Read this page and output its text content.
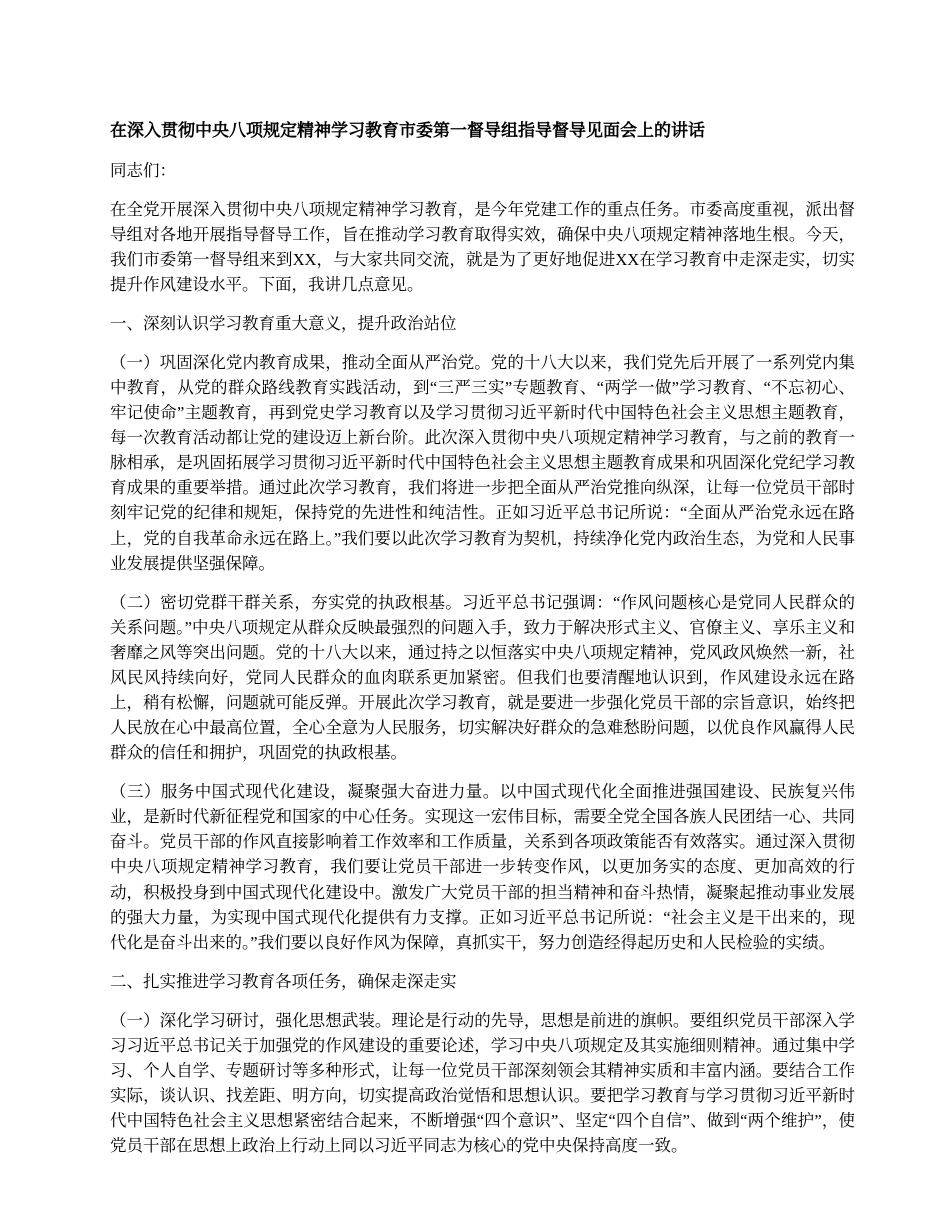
在深入贯彻中央八项规定精神学习教育市委第一督导组指导督导见面会上的讲话

同志们：

在全党开展深入贯彻中央八项规定精神学习教育，是今年党建工作的重点任务。市委高度重视，派出督导组对各地开展指导督导工作，旨在推动学习教育取得实效，确保中央八项规定精神落地生根。今天，我们市委第一督导组来到XX，与大家共同交流，就是为了更好地促进XX在学习教育中走深走实，切实提升作风建设水平。下面，我讲几点意见。

一、深刻认识学习教育重大意义，提升政治站位

（一）巩固深化党内教育成果，推动全面从严治党。党的十八大以来，我们党先后开展了一系列党内集中教育，从党的群众路线教育实践活动，到“三严三实”专题教育、“两学一做”学习教育、“不忘初心、牢记使命”主题教育，再到党史学习教育以及学习贯彻习近平新时代中国特色社会主义思想主题教育，每一次教育活动都让党的建设迈上新台阶。此次深入贯彻中央八项规定精神学习教育，与之前的教育一脉相承，是巩固拓展学习贯彻习近平新时代中国特色社会主义思想主题教育成果和巩固深化党纪学习教育成果的重要举措。通过此次学习教育，我们将进一步把全面从严治党推向纵深，让每一位党员干部时刻牢记党的纪律和规矩，保持党的先进性和纯洁性。正如习近平总书记所说：“全面从严治党永远在路上，党的自我革命永远在路上。”我们要以此次学习教育为契机，持续净化党内政治生态，为党和人民事业发展提供坚强保障。

（二）密切党群干群关系，夯实党的执政根基。习近平总书记强调：“作风问题核心是党同人民群众的关系问题。”中央八项规定从群众反映最强烈的问题入手，致力于解决形式主义、官僚主义、享乐主义和奢靡之风等突出问题。党的十八大以来，通过持之以恒落实中央八项规定精神，党风政风焕然一新，社风民风持续向好，党同人民群众的血肉联系更加紧密。但我们也要清醒地认识到，作风建设永远在路上，稍有松懈，问题就可能反弹。开展此次学习教育，就是要进一步强化党员干部的宗旨意识，始终把人民放在心中最高位置，全心全意为人民服务，切实解决好群众的急难愁盼问题，以优良作风赢得人民群众的信任和拥护，巩固党的执政根基。

（三）服务中国式现代化建设，凝聚强大奋进力量。以中国式现代化全面推进强国建设、民族复兴伟业，是新时代新征程党和国家的中心任务。实现这一宏伟目标，需要全党全国各族人民团结一心、共同奋斗。党员干部的作风直接影响着工作效率和工作质量，关系到各项政策能否有效落实。通过深入贯彻中央八项规定精神学习教育，我们要让党员干部进一步转变作风，以更加务实的态度、更加高效的行动，积极投身到中国式现代化建设中。激发广大党员干部的担当精神和奋斗热情，凝聚起推动事业发展的强大力量，为实现中国式现代化提供有力支撑。正如习近平总书记所说：“社会主义是干出来的，现代化是奋斗出来的。”我们要以良好作风为保障，真抓实干，努力创造经得起历史和人民检验的实绩。

二、扎实推进学习教育各项任务，确保走深走实

（一）深化学习研讨，强化思想武装。理论是行动的先导，思想是前进的旗帜。要组织党员干部深入学习习近平总书记关于加强党的作风建设的重要论述，学习中央八项规定及其实施细则精神。通过集中学习、个人自学、专题研讨等多种形式，让每一位党员干部深刻领会其精神实质和丰富内涵。要结合工作实际，谈认识、找差距、明方向，切实提高政治觉悟和思想认识。要把学习教育与学习贯彻习近平新时代中国特色社会主义思想紧密结合起来，不断增强“四个意识”、坚定“四个自信”、做到“两个维护”，使党员干部在思想上政治上行动上同以习近平同志为核心的党中央保持高度一致。
